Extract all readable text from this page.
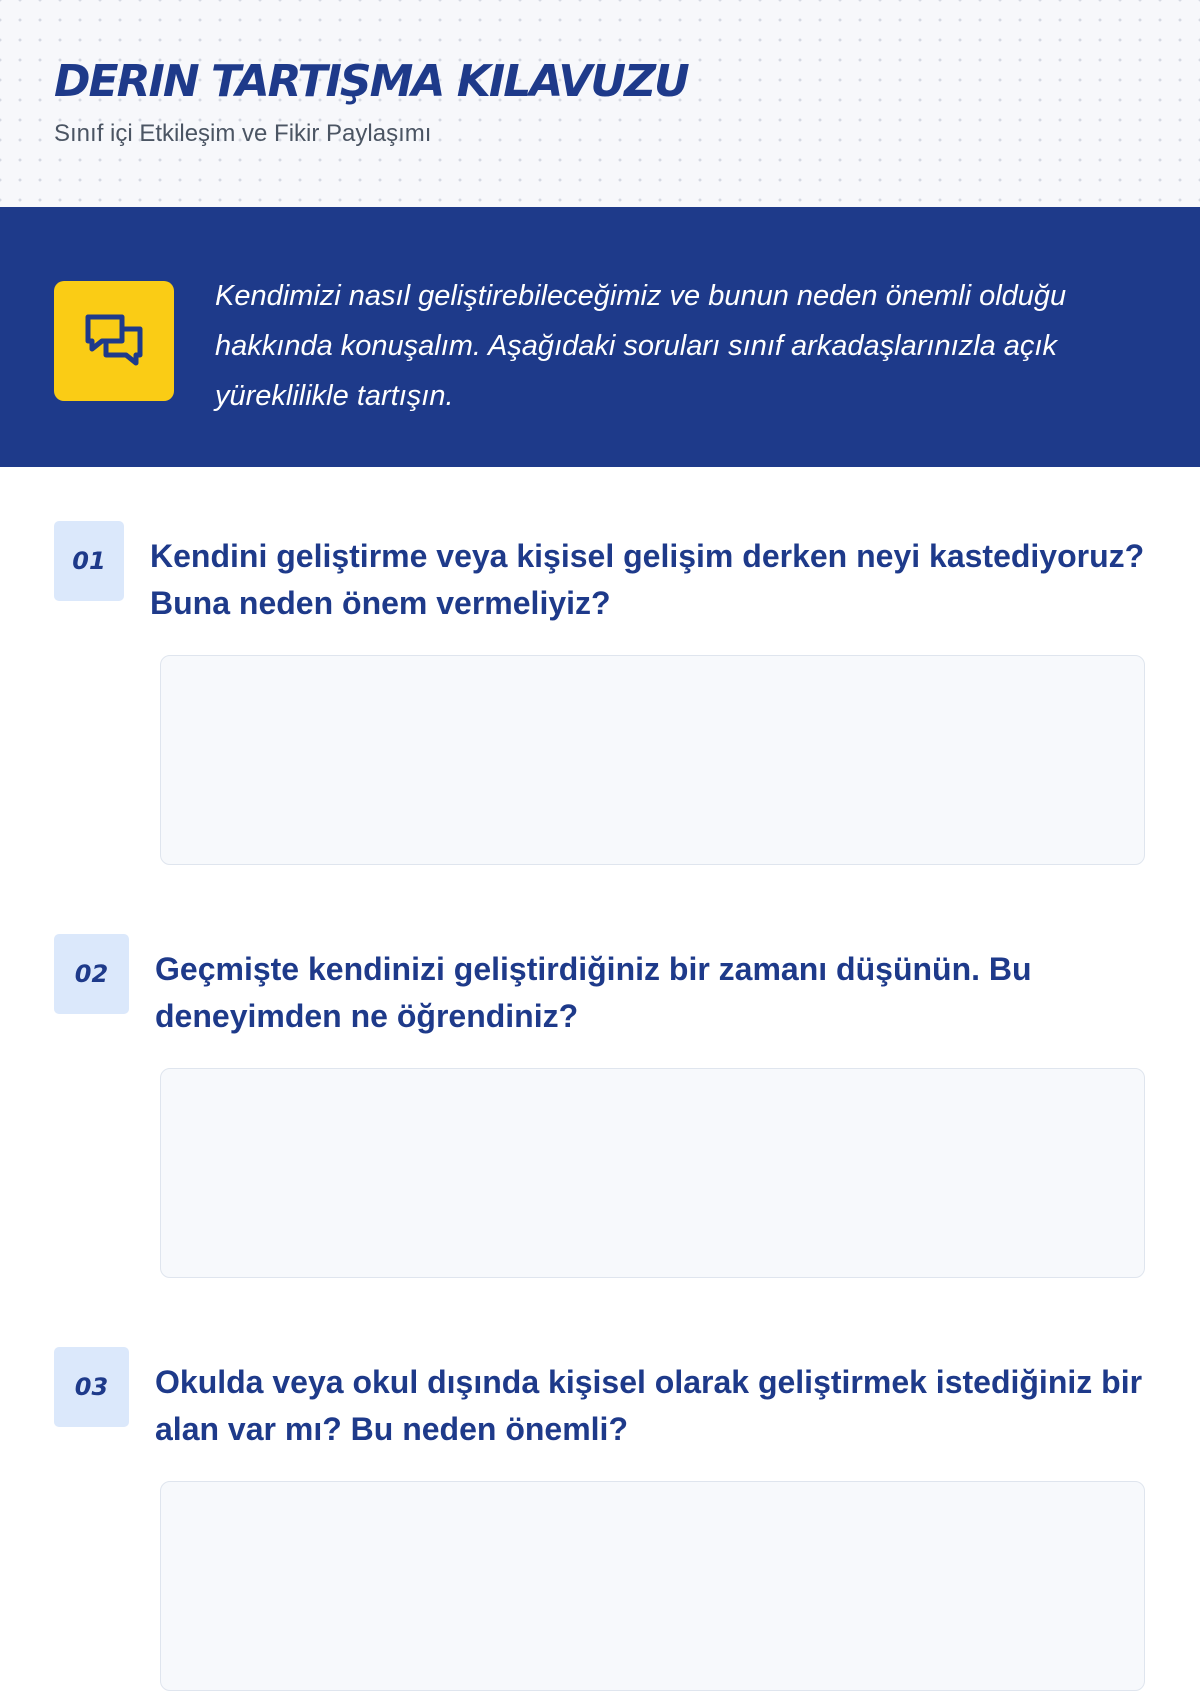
DERIN TARTIŞMA KILAVUZU
Sınıf içi Etkileşim ve Fikir Paylaşımı
Kendimizi nasıl geliştirebileceğimiz ve bunun neden önemli olduğu hakkında konuşalım. Aşağıdaki soruları sınıf arkadaşlarınızla açık yüreklilikle tartışın.
01	Kendini geliştirme veya kişisel gelişim derken neyi kastediyoruz? Buna neden önem vermeliyiz?
02	Geçmişte kendinizi geliştirdiğiniz bir zamanı düşünün. Bu deneyimden ne öğrendiniz?
03	Okulda veya okul dışında kişisel olarak geliştirmek istediğiniz bir alan var mı? Bu neden önemli?
